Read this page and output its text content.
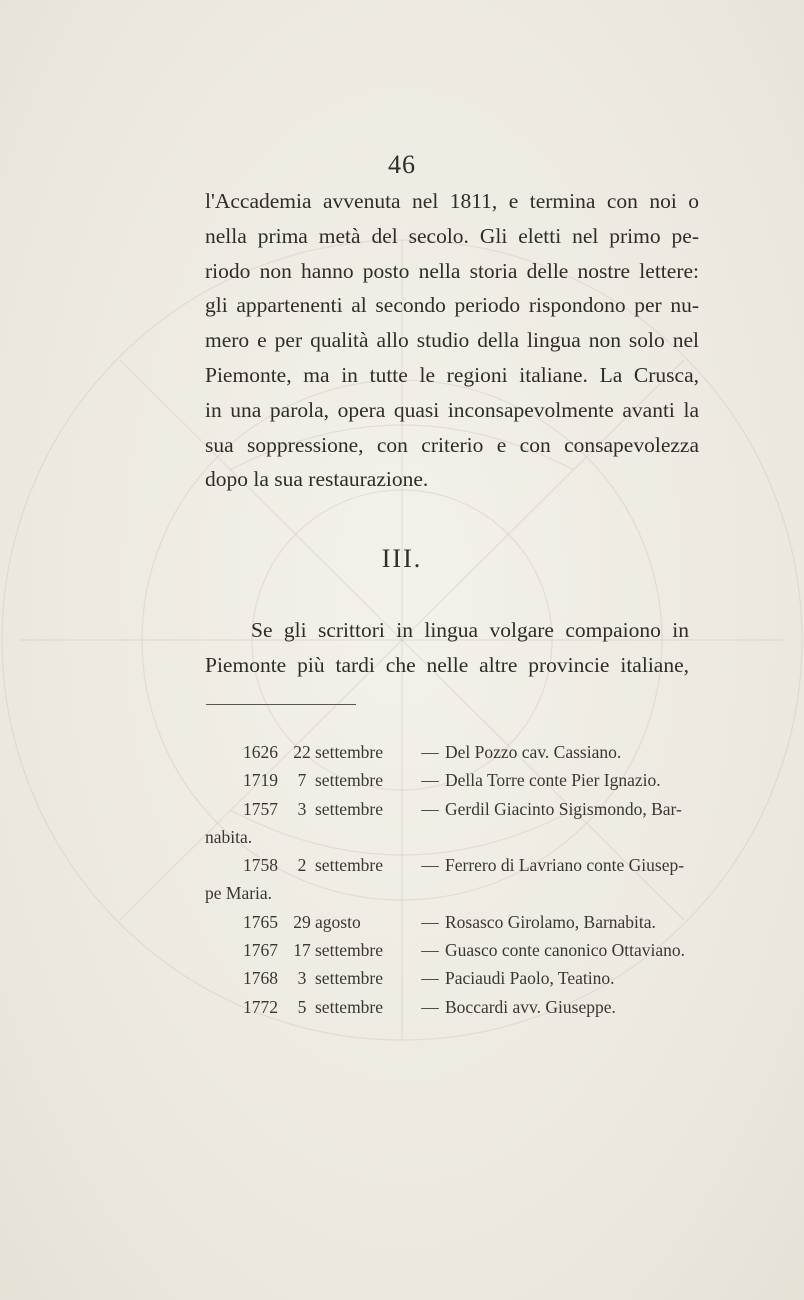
46
l'Accademia avvenuta nel 1811, e termina con noi o
nella prima metà del secolo. Gli eletti nel primo pe-
riodo non hanno posto nella storia delle nostre lettere:
gli appartenenti al secondo periodo rispondono per nu-
mero e per qualità allo studio della lingua non solo nel
Piemonte, ma in tutte le regioni italiane. La Crusca,
in una parola, opera quasi inconsapevolmente avanti la
sua soppressione, con criterio e con consapevolezza
dopo la sua restaurazione.
III.
Se gli scrittori in lingua volgare compaiono in
Piemonte più tardi che nelle altre provincie italiane,
1626 22 settembre	— Del Pozzo cav. Cassiano.
1719	7 settembre	— Della Torre conte Pier Ignazio.
1757	3 settembre	— Gerdil Giacinto Sigismondo, Bar-
nabita.
1758	2 settembre	— Ferrero di Lavriano conte Giusep-
pe Maria.
1765 29 agosto	— Rosasco Girolamo, Barnabita.
1767 17 settembre	— Guasco conte canonico Ottaviano.
1768	3 settembre	— Paciaudi Paolo, Teatino.
1772	5 settembre	— Boccardi avv. Giuseppe.
